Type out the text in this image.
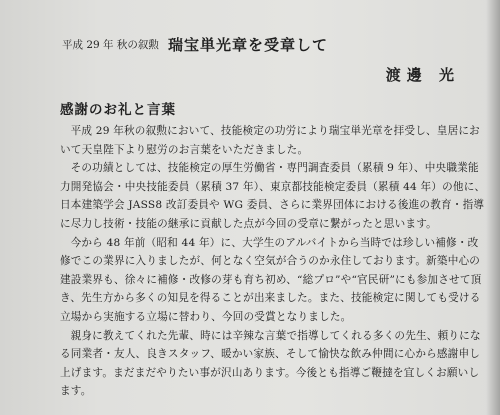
平成 29 年 秋の叙勲 瑞宝単光章を受章して
渡邊 光
感謝のお礼と言葉

平成 29 年秋の叙勲において、技能検定の功労により瑞宝単光章を拝受し、皇居において天皇陛下より慰労のお言葉をいただきました。

その功績としては、技能検定の厚生労働省・専門調査委員（累積 9 年）、中央職業能力開発協会・中央技能委員（累積 37 年）、東京都技能検定委員（累積 44 年）の他に、日本建築学会 JASS8 改訂委員や WG 委員、さらに業界団体における後進の教育・指導に尽力し技術・技能の継承に貢献した点が今回の受章に繋がったと思います。

今から 48 年前（昭和 44 年）に、大学生のアルバイトから当時では珍しい補修・改修でこの業界に入りましたが、何となく空気が合うのか永住しております。新築中心の建設業界も、徐々に補修・改修の芽も育ち初め、“総プロ”や“官民研”にも参加させて頂き、先生方から多くの知見を得ることが出来ました。また、技能検定に関しても受ける立場から実施する立場に替わり、今回の受賞となりました。

親身に教えてくれた先輩、時には辛辣な言葉で指導してくれる多くの先生、頼りになる同業者・友人、良きスタッフ、暖かい家族、そして愉快な飲み仲間に心から感謝申し上げます。まだまだやりたい事が沢山あります。今後とも指導ご鞭撻を宜しくお願いします。
